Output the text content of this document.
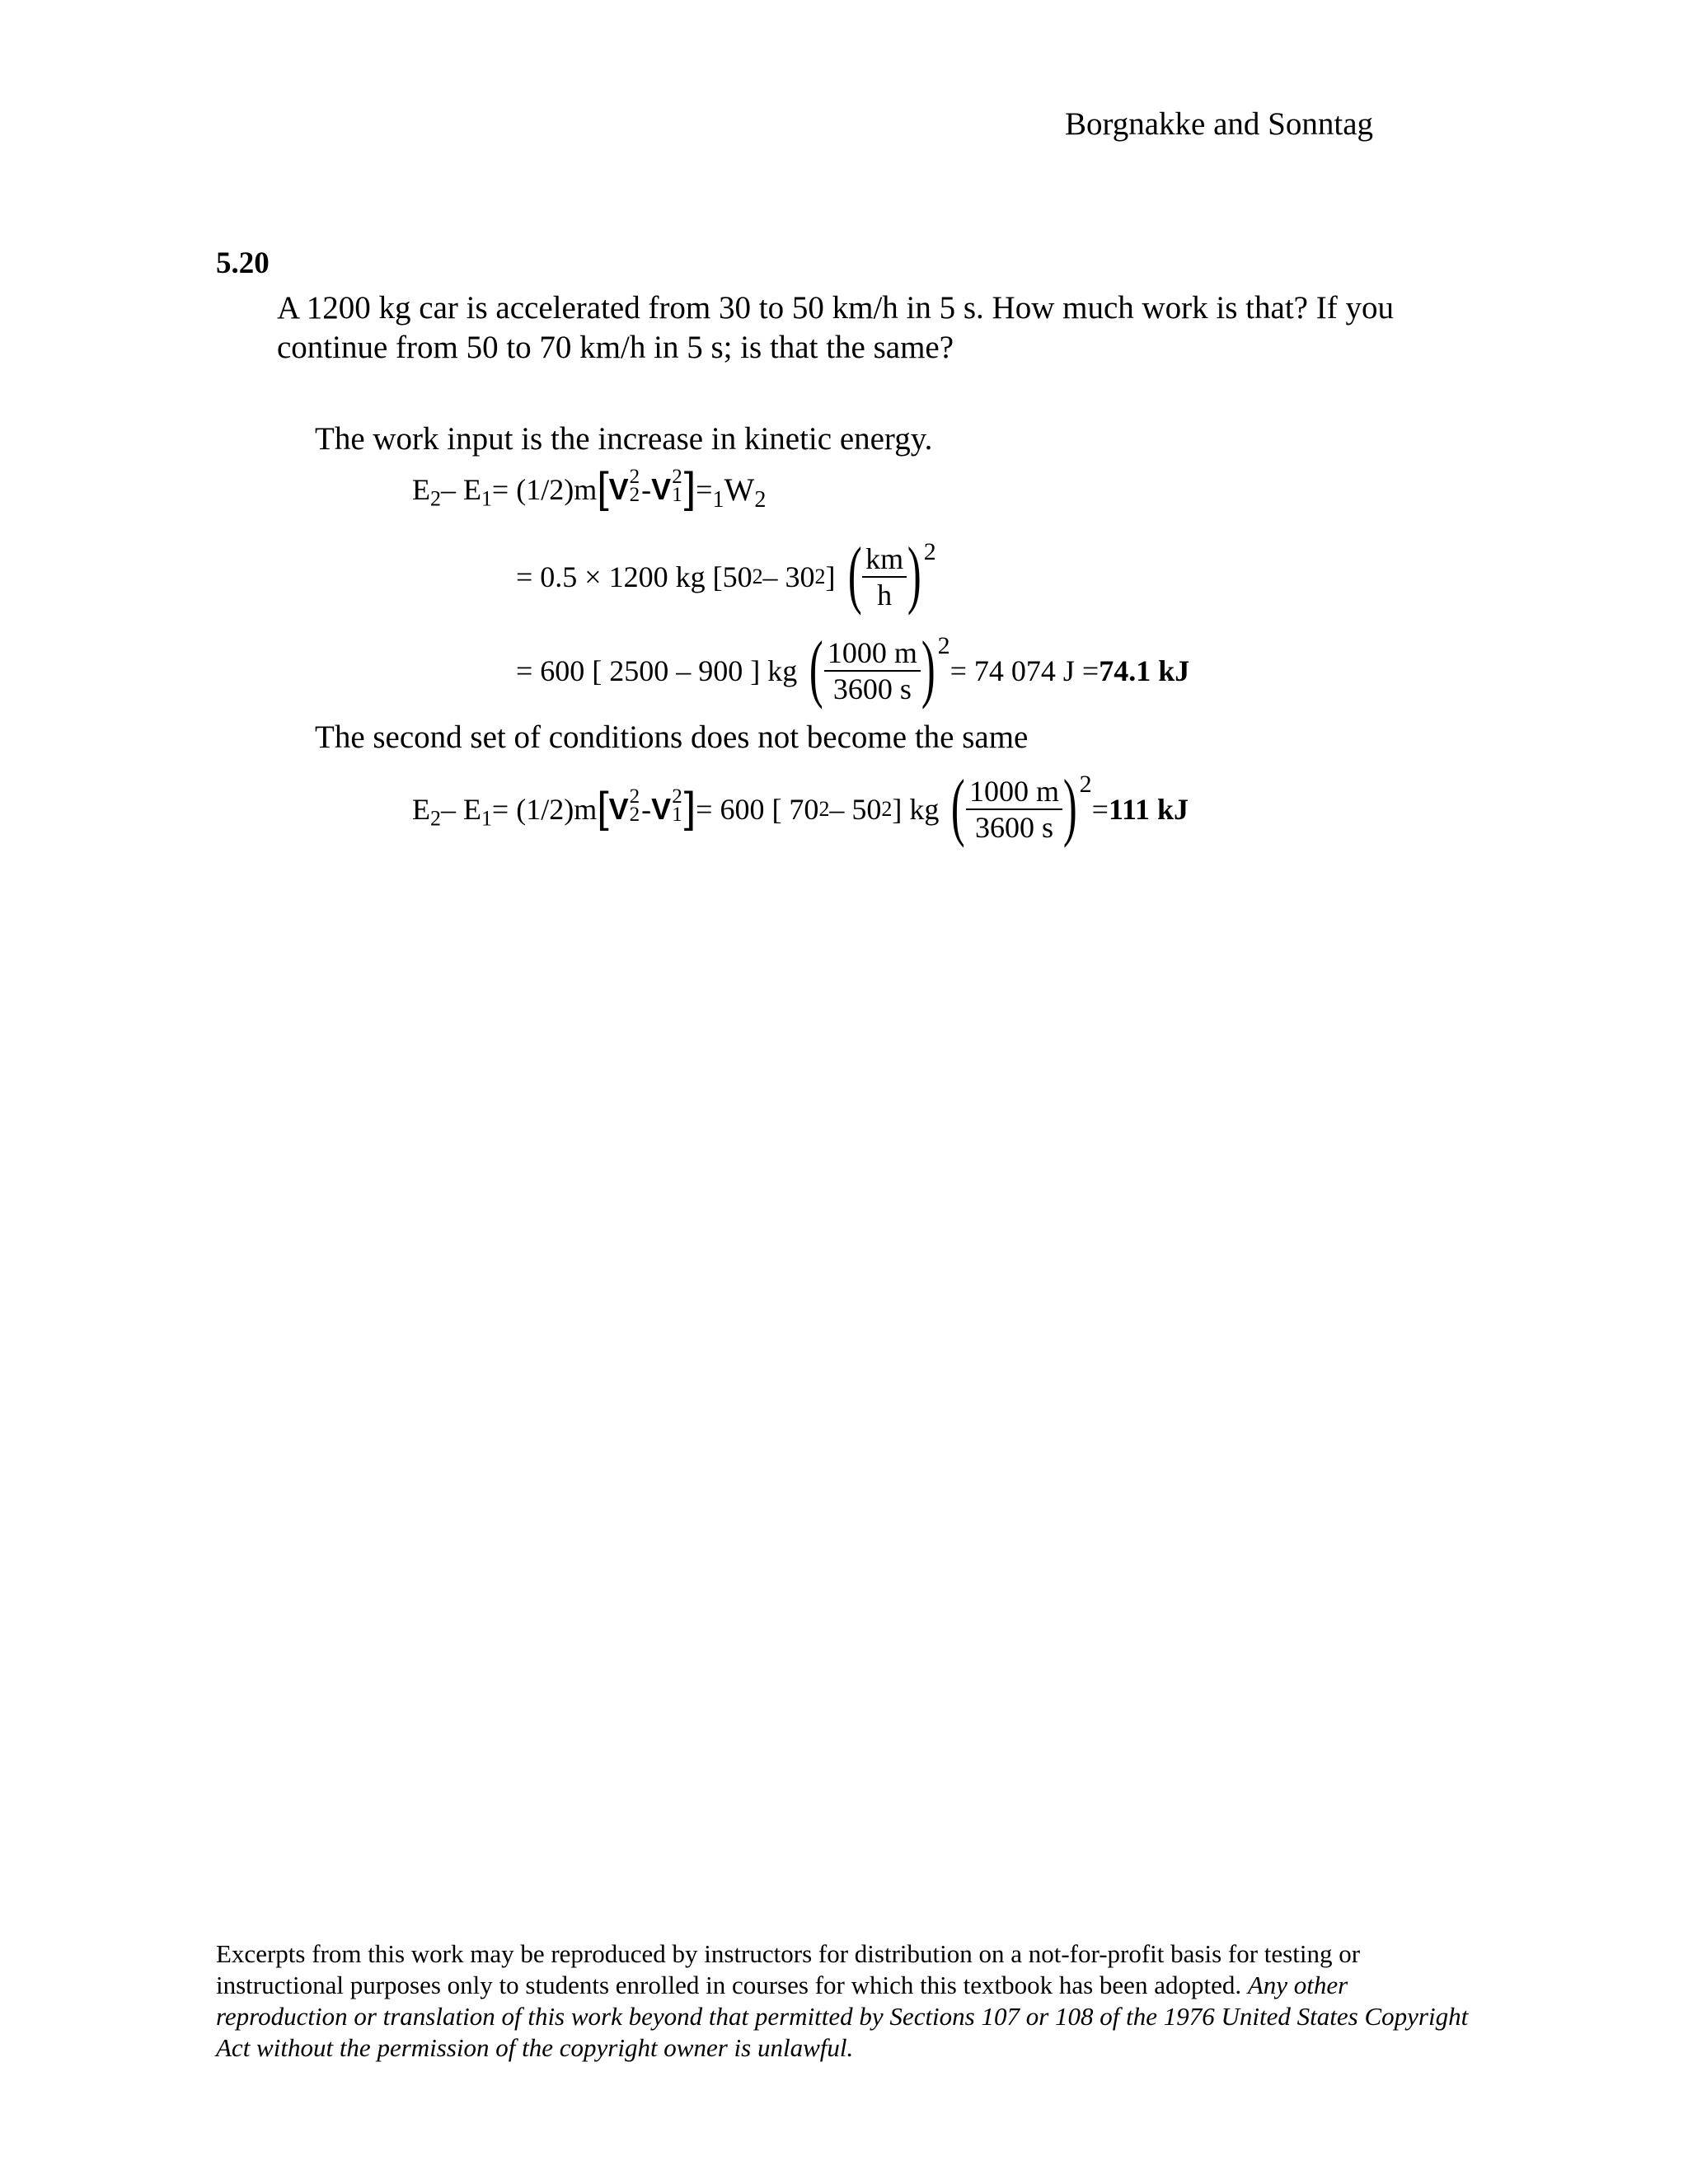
Borgnakke and Sonntag
5.20
A 1200 kg car is accelerated from 30 to 50 km/h in 5 s. How much work is that? If you continue from 50 to 70 km/h in 5 s; is that the same?
The work input is the increase in kinetic energy.
$E_2 - E_1 = (1/2)m$ [ V 2
2 - V 2
1 ] = $_1W_2$
= 0.5 × 1200 kg [50 2 – 30 2 ] ( $\frac{km}{h}$ ) 2
= 600 [ 2500 – 900 ] kg ( $\frac{1000 m}{3600 s}$ ) 2
= 74 074 J = 74.1 kJ
The second set of conditions does not become the same
$E_2 - E_1 = (1/2)m$ [ V 2
2 - V 2
1 ] = 600 [ 70 2 – 50 2 ] kg ( $\frac{1000 m}{3600 s}$ ) 2
= 111 kJ
Excerpts from this work may be reproduced by instructors for distribution on a not-for-profit basis for testing or instructional purposes only to students enrolled in courses for which this textbook has been adopted. Any other reproduction or translation of this work beyond that permitted by Sections 107 or 108 of the 1976 United States Copyright Act without the permission of the copyright owner is unlawful.
